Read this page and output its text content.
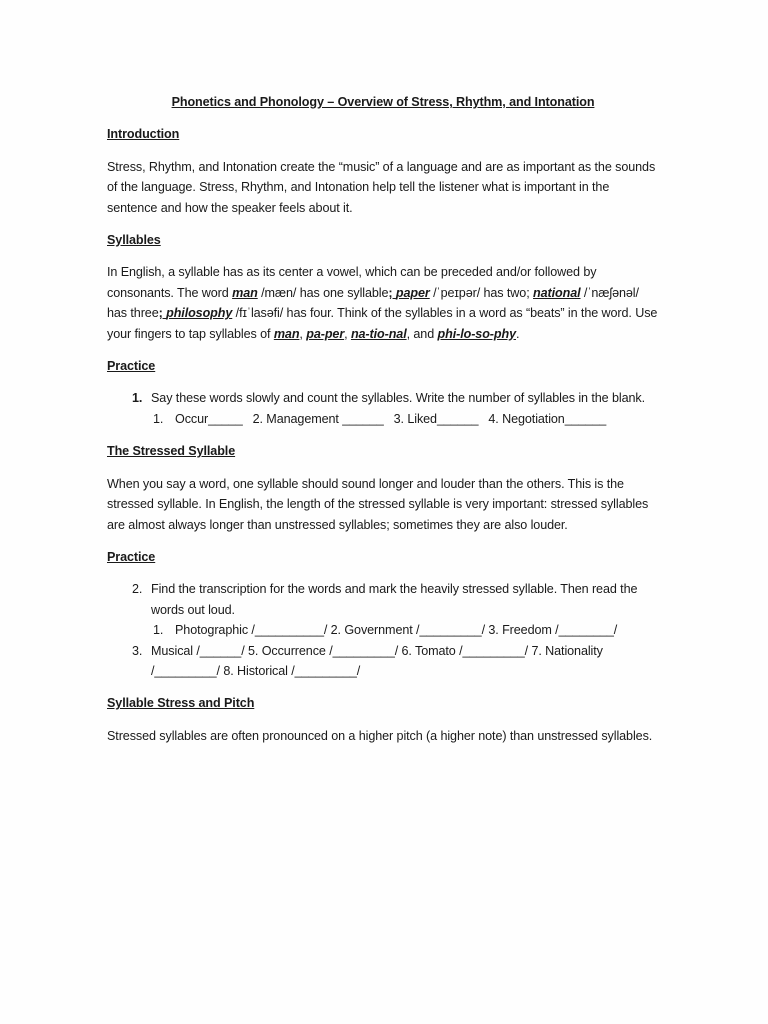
Phonetics and Phonology – Overview of Stress, Rhythm, and Intonation
Introduction

Stress, Rhythm, and Intonation create the “music” of a language and are as important as the sounds of the language. Stress, Rhythm, and Intonation help tell the listener what is important in the sentence and how the speaker feels about it.

Syllables

In English, a syllable has as its center a vowel, which can be preceded and/or followed by consonants. The word man /mæn/ has one syllable; paper /ˈpeɪpər/ has two; national /ˈnæʃənəl/ has three; philosophy /fɪˈlasəfi/ has four. Think of the syllables in a word as “beats” in the word. Use your fingers to tap syllables of man, pa-per, na-tio-nal, and phi-lo-so-phy.

Practice
1. Say these words slowly and count the syllables. Write the number of syllables in the blank.
1. Occur_____ 2. Management ______ 3. Liked______ 4. Negotiation______
The Stressed Syllable

When you say a word, one syllable should sound longer and louder than the others. This is the stressed syllable. In English, the length of the stressed syllable is very important: stressed syllables are almost always longer than unstressed syllables; sometimes they are also louder.

Practice
2. Find the transcription for the words and mark the heavily stressed syllable. Then read the words out loud.
1. Photographic /__________/ 2. Government /_________/ 3. Freedom /________/
3. Musical /______/ 5. Occurrence /_________/ 6. Tomato /_________/ 7. Nationality /_________/ 8. Historical /_________/
Syllable Stress and Pitch

Stressed syllables are often pronounced on a higher pitch (a higher note) than unstressed syllables.
